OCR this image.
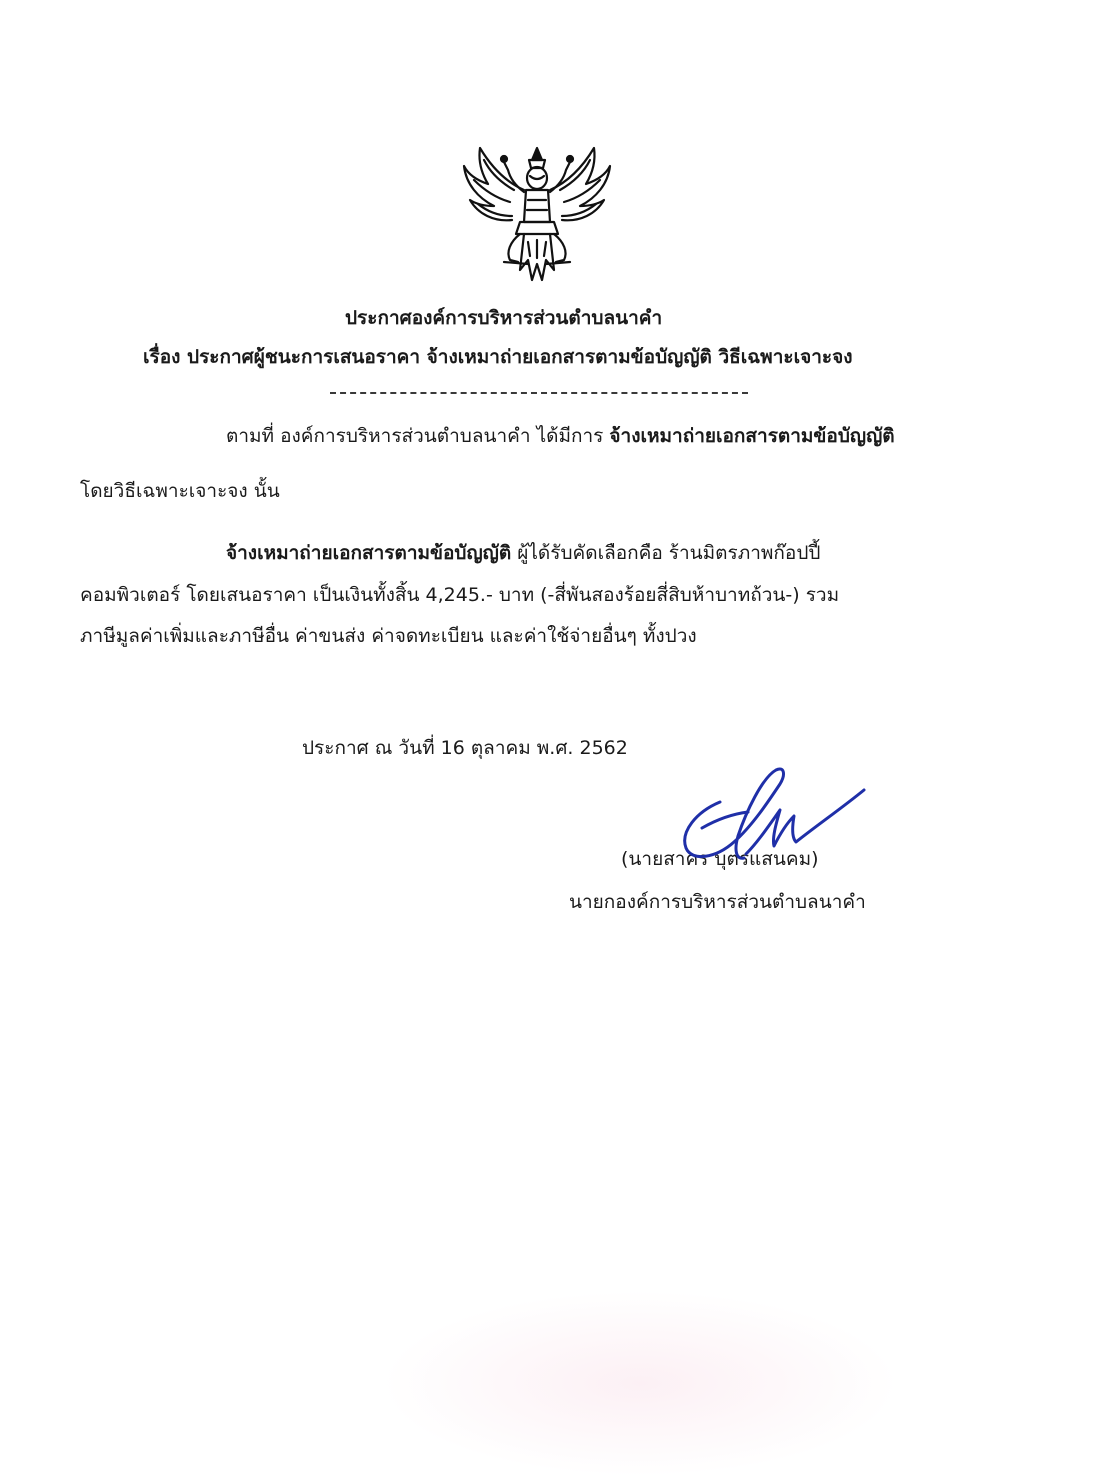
ประกาศองค์การบริหารส่วนตำบลนาคำ
เรื่อง ประกาศผู้ชนะการเสนอราคา จ้างเหมาถ่ายเอกสารตามข้อบัญญัติ วิธีเฉพาะเจาะจง
ตามที่ องค์การบริหารส่วนตำบลนาคำ ได้มีการ จ้างเหมาถ่ายเอกสารตามข้อบัญญัติ
โดยวิธีเฉพาะเจาะจง นั้น
จ้างเหมาถ่ายเอกสารตามข้อบัญญัติ ผู้ได้รับคัดเลือกคือ ร้านมิตรภาพก๊อปปี้
คอมพิวเตอร์ โดยเสนอราคา เป็นเงินทั้งสิ้น 4,245.- บาท (-สี่พันสองร้อยสี่สิบห้าบาทถ้วน-) รวม
ภาษีมูลค่าเพิ่มและภาษีอื่น ค่าขนส่ง ค่าจดทะเบียน และค่าใช้จ่ายอื่นๆ ทั้งปวง
ประกาศ ณ วันที่ 16 ตุลาคม พ.ศ. 2562
(นายสาคร บุตรแสนคม)
นายกองค์การบริหารส่วนตำบลนาคำ
